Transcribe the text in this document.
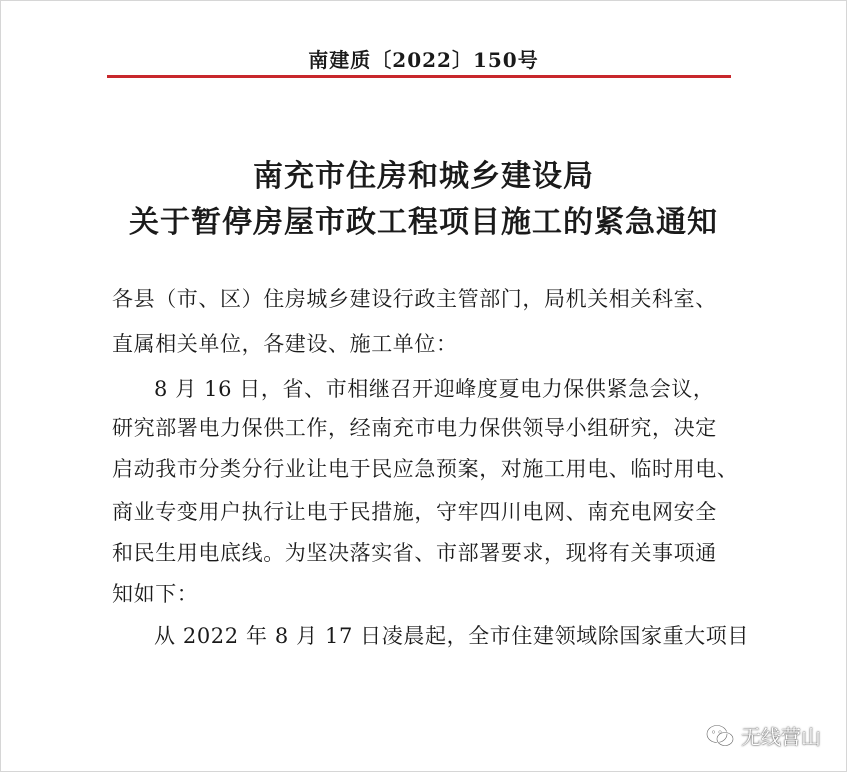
南建质〔2022〕150号
南充市住房和城乡建设局
关于暂停房屋市政工程项目施工的紧急通知
各县（市、区）住房城乡建设行政主管部门，局机关相关科室、
直属相关单位，各建设、施工单位：
8 月 16 日，省、市相继召开迎峰度夏电力保供紧急会议，
研究部署电力保供工作，经南充市电力保供领导小组研究，决定
启动我市分类分行业让电于民应急预案，对施工用电、临时用电、
商业专变用户执行让电于民措施，守牢四川电网、南充电网安全
和民生用电底线。为坚决落实省、市部署要求，现将有关事项通
知如下：
从 2022 年 8 月 17 日凌晨起，全市住建领域除国家重大项目
无线营山
